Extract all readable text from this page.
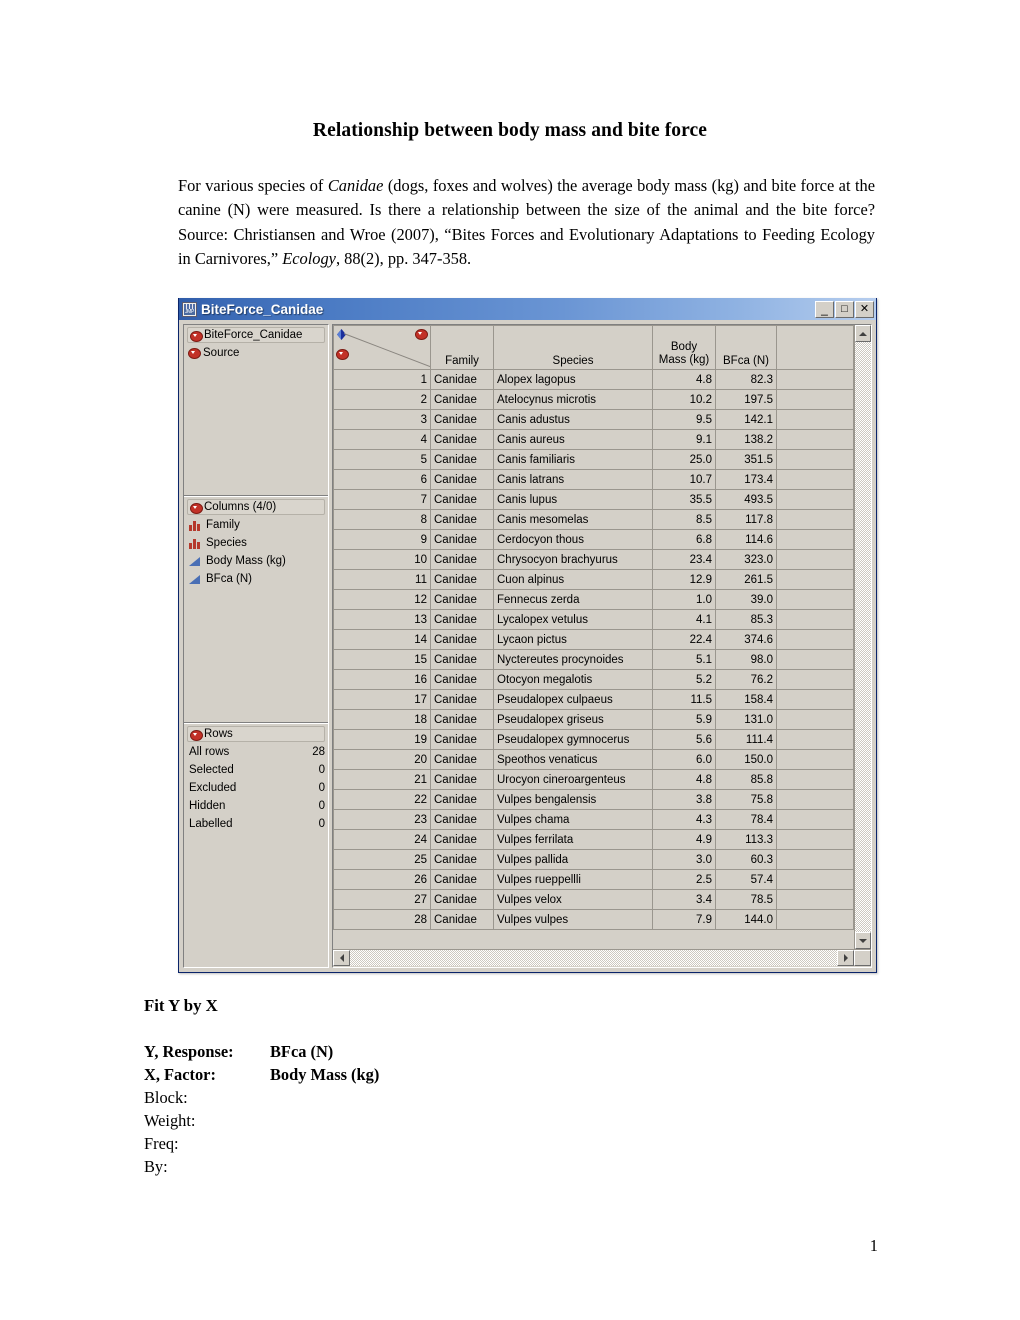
Relationship between body mass and bite force
For various species of Canidae (dogs, foxes and wolves) the average body mass (kg) and bite force at the canine (N) were measured. Is there a relationship between the size of the animal and the bite force? Source: Christiansen and Wroe (2007), “Bites Forces and Evolutionary Adaptations to Feeding Ecology in Carnivores,” Ecology, 88(2), pp. 347-358.
JMP BiteForce_Canidae	_	□	✕
BiteForce_Canidae
Source
Columns (4/0)
Family
Species
Body Mass (kg)
BFca (N)
Rows
All rows	28
Selected	0
Excluded	0
Hidden	0
Labelled	0
	Family	Species	Body
Mass (kg)	BFca (N)	
1	Canidae	Alopex lagopus	4.8	82.3	
2	Canidae	Atelocynus microtis	10.2	197.5	
3	Canidae	Canis adustus	9.5	142.1	
4	Canidae	Canis aureus	9.1	138.2	
5	Canidae	Canis familiaris	25.0	351.5	
6	Canidae	Canis latrans	10.7	173.4	
7	Canidae	Canis lupus	35.5	493.5	
8	Canidae	Canis mesomelas	8.5	117.8	
9	Canidae	Cerdocyon thous	6.8	114.6	
10	Canidae	Chrysocyon brachyurus	23.4	323.0	
11	Canidae	Cuon alpinus	12.9	261.5	
12	Canidae	Fennecus zerda	1.0	39.0	
13	Canidae	Lycalopex vetulus	4.1	85.3	
14	Canidae	Lycaon pictus	22.4	374.6	
15	Canidae	Nyctereutes procynoides	5.1	98.0	
16	Canidae	Otocyon megalotis	5.2	76.2	
17	Canidae	Pseudalopex culpaeus	11.5	158.4	
18	Canidae	Pseudalopex griseus	5.9	131.0	
19	Canidae	Pseudalopex gymnocerus	5.6	111.4	
20	Canidae	Speothos venaticus	6.0	150.0	
21	Canidae	Urocyon cineroargenteus	4.8	85.8	
22	Canidae	Vulpes bengalensis	3.8	75.8	
23	Canidae	Vulpes chama	4.3	78.4	
24	Canidae	Vulpes ferrilata	4.9	113.3	
25	Canidae	Vulpes pallida	3.0	60.3	
26	Canidae	Vulpes rueppellli	2.5	57.4	
27	Canidae	Vulpes velox	3.4	78.5	
28	Canidae	Vulpes vulpes	7.9	144.0	
Fit Y by X
Y, Response:	BFca (N)
X, Factor:	Body Mass (kg)
Block:
Weight:
Freq:
By:
1
